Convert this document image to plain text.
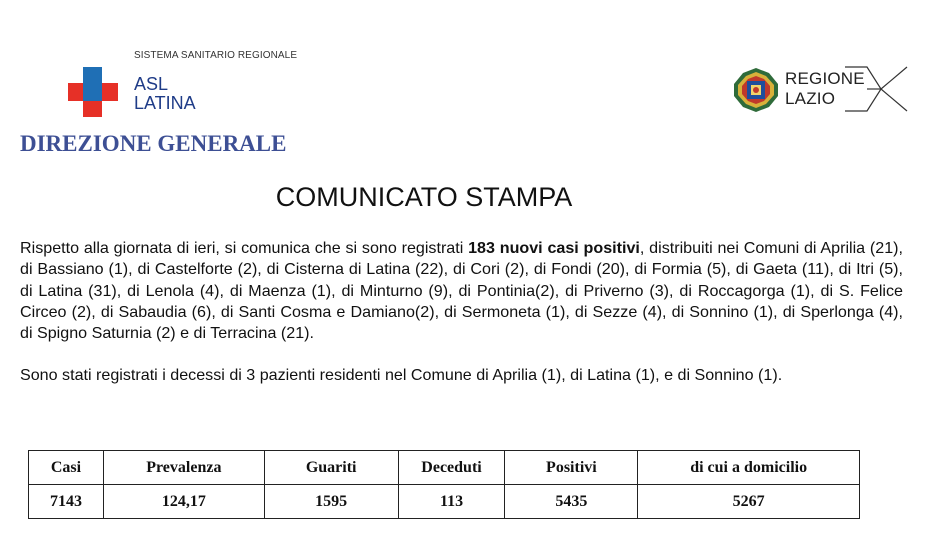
SISTEMA SANITARIO REGIONALE
ASL
LATINA
REGIONE
LAZIO
DIREZIONE GENERALE
COMUNICATO STAMPA

Rispetto alla giornata di ieri, si comunica che si sono registrati 183 nuovi casi positivi, distribuiti nei Comuni di Aprilia (21), di Bassiano (1), di Castelforte (2), di Cisterna di Latina (22), di Cori (2), di Fondi (20), di Formia (5), di Gaeta (11), di Itri (5), di Latina (31), di Lenola (4), di Maenza (1), di Minturno (9), di Pontinia(2), di Priverno (3), di Roccagorga (1), di S. Felice Circeo (2), di Sabaudia (6), di Santi Cosma e Damiano(2), di Sermoneta (1), di Sezze (4), di Sonnino (1), di Sperlonga (4), di Spigno Saturnia (2) e di Terracina (21).

Sono stati registrati i decessi di 3 pazienti residenti nel Comune di Aprilia (1), di Latina (1), e di Sonnino (1).

Casi	Prevalenza	Guariti	Deceduti	Positivi	di cui a domicilio
7143	124,17	1595	113	5435	5267
